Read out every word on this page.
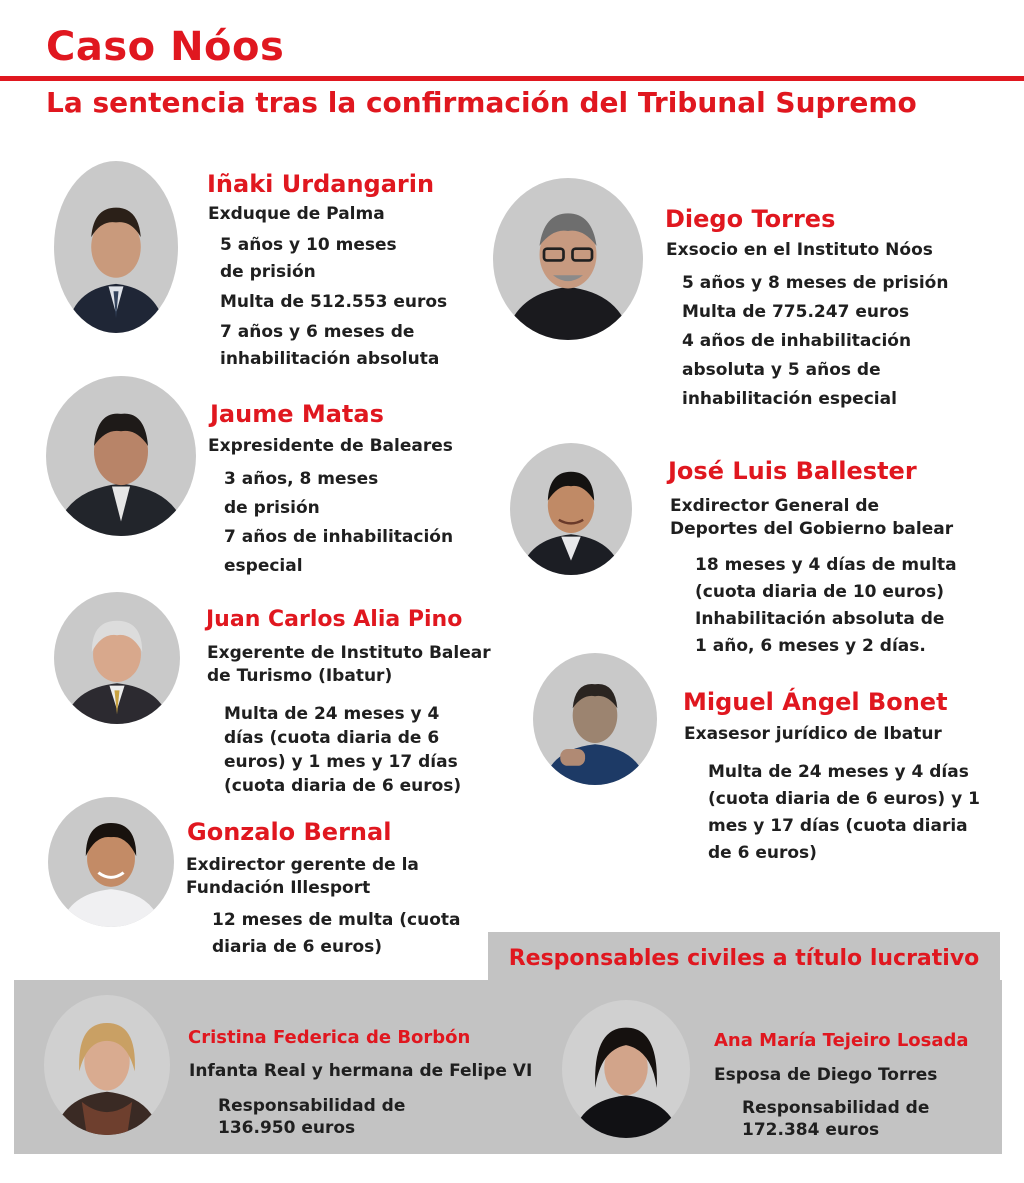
Caso Nóos
La sentencia tras la confirmación del Tribunal Supremo
Iñaki Urdangarin
Exduque de Palma
5 años y 10 meses
de prisión
Multa de 512.553 euros
7 años y 6 meses de
inhabilitación absoluta
Diego Torres
Exsocio en el Instituto Nóos
5 años y 8 meses de prisión
Multa de 775.247 euros
4 años de inhabilitación
absoluta y 5 años de
inhabilitación especial
Jaume Matas
Expresidente de Baleares
3 años, 8 meses
de prisión
7 años de inhabilitación
especial
José Luis Ballester
Exdirector General de
Deportes del Gobierno balear
18 meses y 4 días de multa
(cuota diaria de 10 euros)
Inhabilitación absoluta de
1 año, 6 meses y 2 días.
Juan Carlos Alia Pino
Exgerente de Instituto Balear
de Turismo (Ibatur)
Multa de 24 meses y 4
días (cuota diaria de 6
euros) y 1 mes y 17 días
(cuota diaria de 6 euros)
Miguel Ángel Bonet
Exasesor jurídico de Ibatur
Multa de 24 meses y 4 días
(cuota diaria de 6 euros) y 1
mes y 17 días (cuota diaria
de 6 euros)
Gonzalo Bernal
Exdirector gerente de la
Fundación Illesport
12 meses de multa (cuota
diaria de 6 euros)	Responsables civiles a título lucrativo
Cristina Federica de Borbón
Infanta Real y hermana de Felipe VI
Responsabilidad de
136.950 euros
Ana María Tejeiro Losada
Esposa de Diego Torres
Responsabilidad de
172.384 euros
